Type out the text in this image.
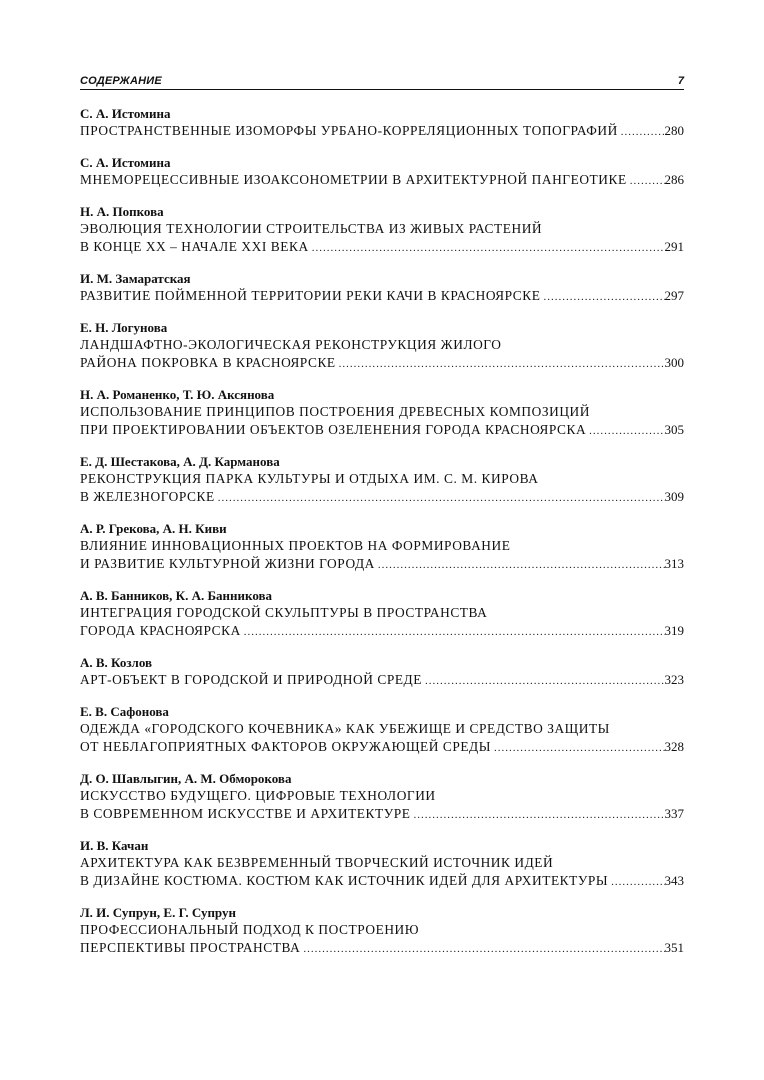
СОДЕРЖАНИЕ	7
С. А. Истомина
ПРОСТРАНСТВЕННЫЕ ИЗОМОРФЫ УРБАНО-КОРРЕЛЯЦИОННЫХ ТОПОГРАФИЙ .....	280
С. А. Истомина
МНЕМОРЕЦЕССИВНЫЕ ИЗОАКСОНОМЕТРИИ В АРХИТЕКТУРНОЙ ПАНГЕОТИКЕ .....	286
Н. А. Попкова
ЭВОЛЮЦИЯ ТЕХНОЛОГИИ СТРОИТЕЛЬСТВА ИЗ ЖИВЫХ РАСТЕНИЙ
В КОНЦЕ XX – НАЧАЛЕ XXI ВЕКА .....	291
И. М. Замаратская
РАЗВИТИЕ ПОЙМЕННОЙ ТЕРРИТОРИИ РЕКИ КАЧИ В КРАСНОЯРСКЕ .....	297
Е. Н. Логунова
ЛАНДШАФТНО-ЭКОЛОГИЧЕСКАЯ РЕКОНСТРУКЦИЯ ЖИЛОГО
РАЙОНА ПОКРОВКА В КРАСНОЯРСКЕ .....	300
Н. А. Романенко, Т. Ю. Аксянова
ИСПОЛЬЗОВАНИЕ ПРИНЦИПОВ ПОСТРОЕНИЯ ДРЕВЕСНЫХ КОМПОЗИЦИЙ
ПРИ ПРОЕКТИРОВАНИИ ОБЪЕКТОВ ОЗЕЛЕНЕНИЯ ГОРОДА КРАСНОЯРСКА .....	305
Е. Д. Шестакова, А. Д. Карманова
РЕКОНСТРУКЦИЯ ПАРКА КУЛЬТУРЫ И ОТДЫХА ИМ. С. М. КИРОВА
В ЖЕЛЕЗНОГОРСКЕ .....	309
А. Р. Грекова, А. Н. Киви
ВЛИЯНИЕ ИННОВАЦИОННЫХ ПРОЕКТОВ НА ФОРМИРОВАНИЕ
И РАЗВИТИЕ КУЛЬТУРНОЙ ЖИЗНИ ГОРОДА .....	313
А. В. Банников, К. А. Банникова
ИНТЕГРАЦИЯ ГОРОДСКОЙ СКУЛЬПТУРЫ В ПРОСТРАНСТВА
ГОРОДА КРАСНОЯРСКА .....	319
А. В. Козлов
АРТ-ОБЪЕКТ В ГОРОДСКОЙ И ПРИРОДНОЙ СРЕДЕ .....	323
Е. В. Сафонова
ОДЕЖДА «ГОРОДСКОГО КОЧЕВНИКА» КАК УБЕЖИЩЕ И СРЕДСТВО ЗАЩИТЫ
ОТ НЕБЛАГОПРИЯТНЫХ ФАКТОРОВ ОКРУЖАЮЩЕЙ СРЕДЫ .....	328
Д. О. Шавлыгин, А. М. Обморокова
ИСКУССТВО БУДУЩЕГО. ЦИФРОВЫЕ ТЕХНОЛОГИИ
В СОВРЕМЕННОМ ИСКУССТВЕ И АРХИТЕКТУРЕ .....	337
И. В. Качан
АРХИТЕКТУРА КАК БЕЗВРЕМЕННЫЙ ТВОРЧЕСКИЙ ИСТОЧНИК ИДЕЙ
В ДИЗАЙНЕ КОСТЮМА. КОСТЮМ КАК ИСТОЧНИК ИДЕЙ ДЛЯ АРХИТЕКТУРЫ .....	343
Л. И. Супрун, Е. Г. Супрун
ПРОФЕССИОНАЛЬНЫЙ ПОДХОД К ПОСТРОЕНИЮ
ПЕРСПЕКТИВЫ ПРОСТРАНСТВА .....	351
